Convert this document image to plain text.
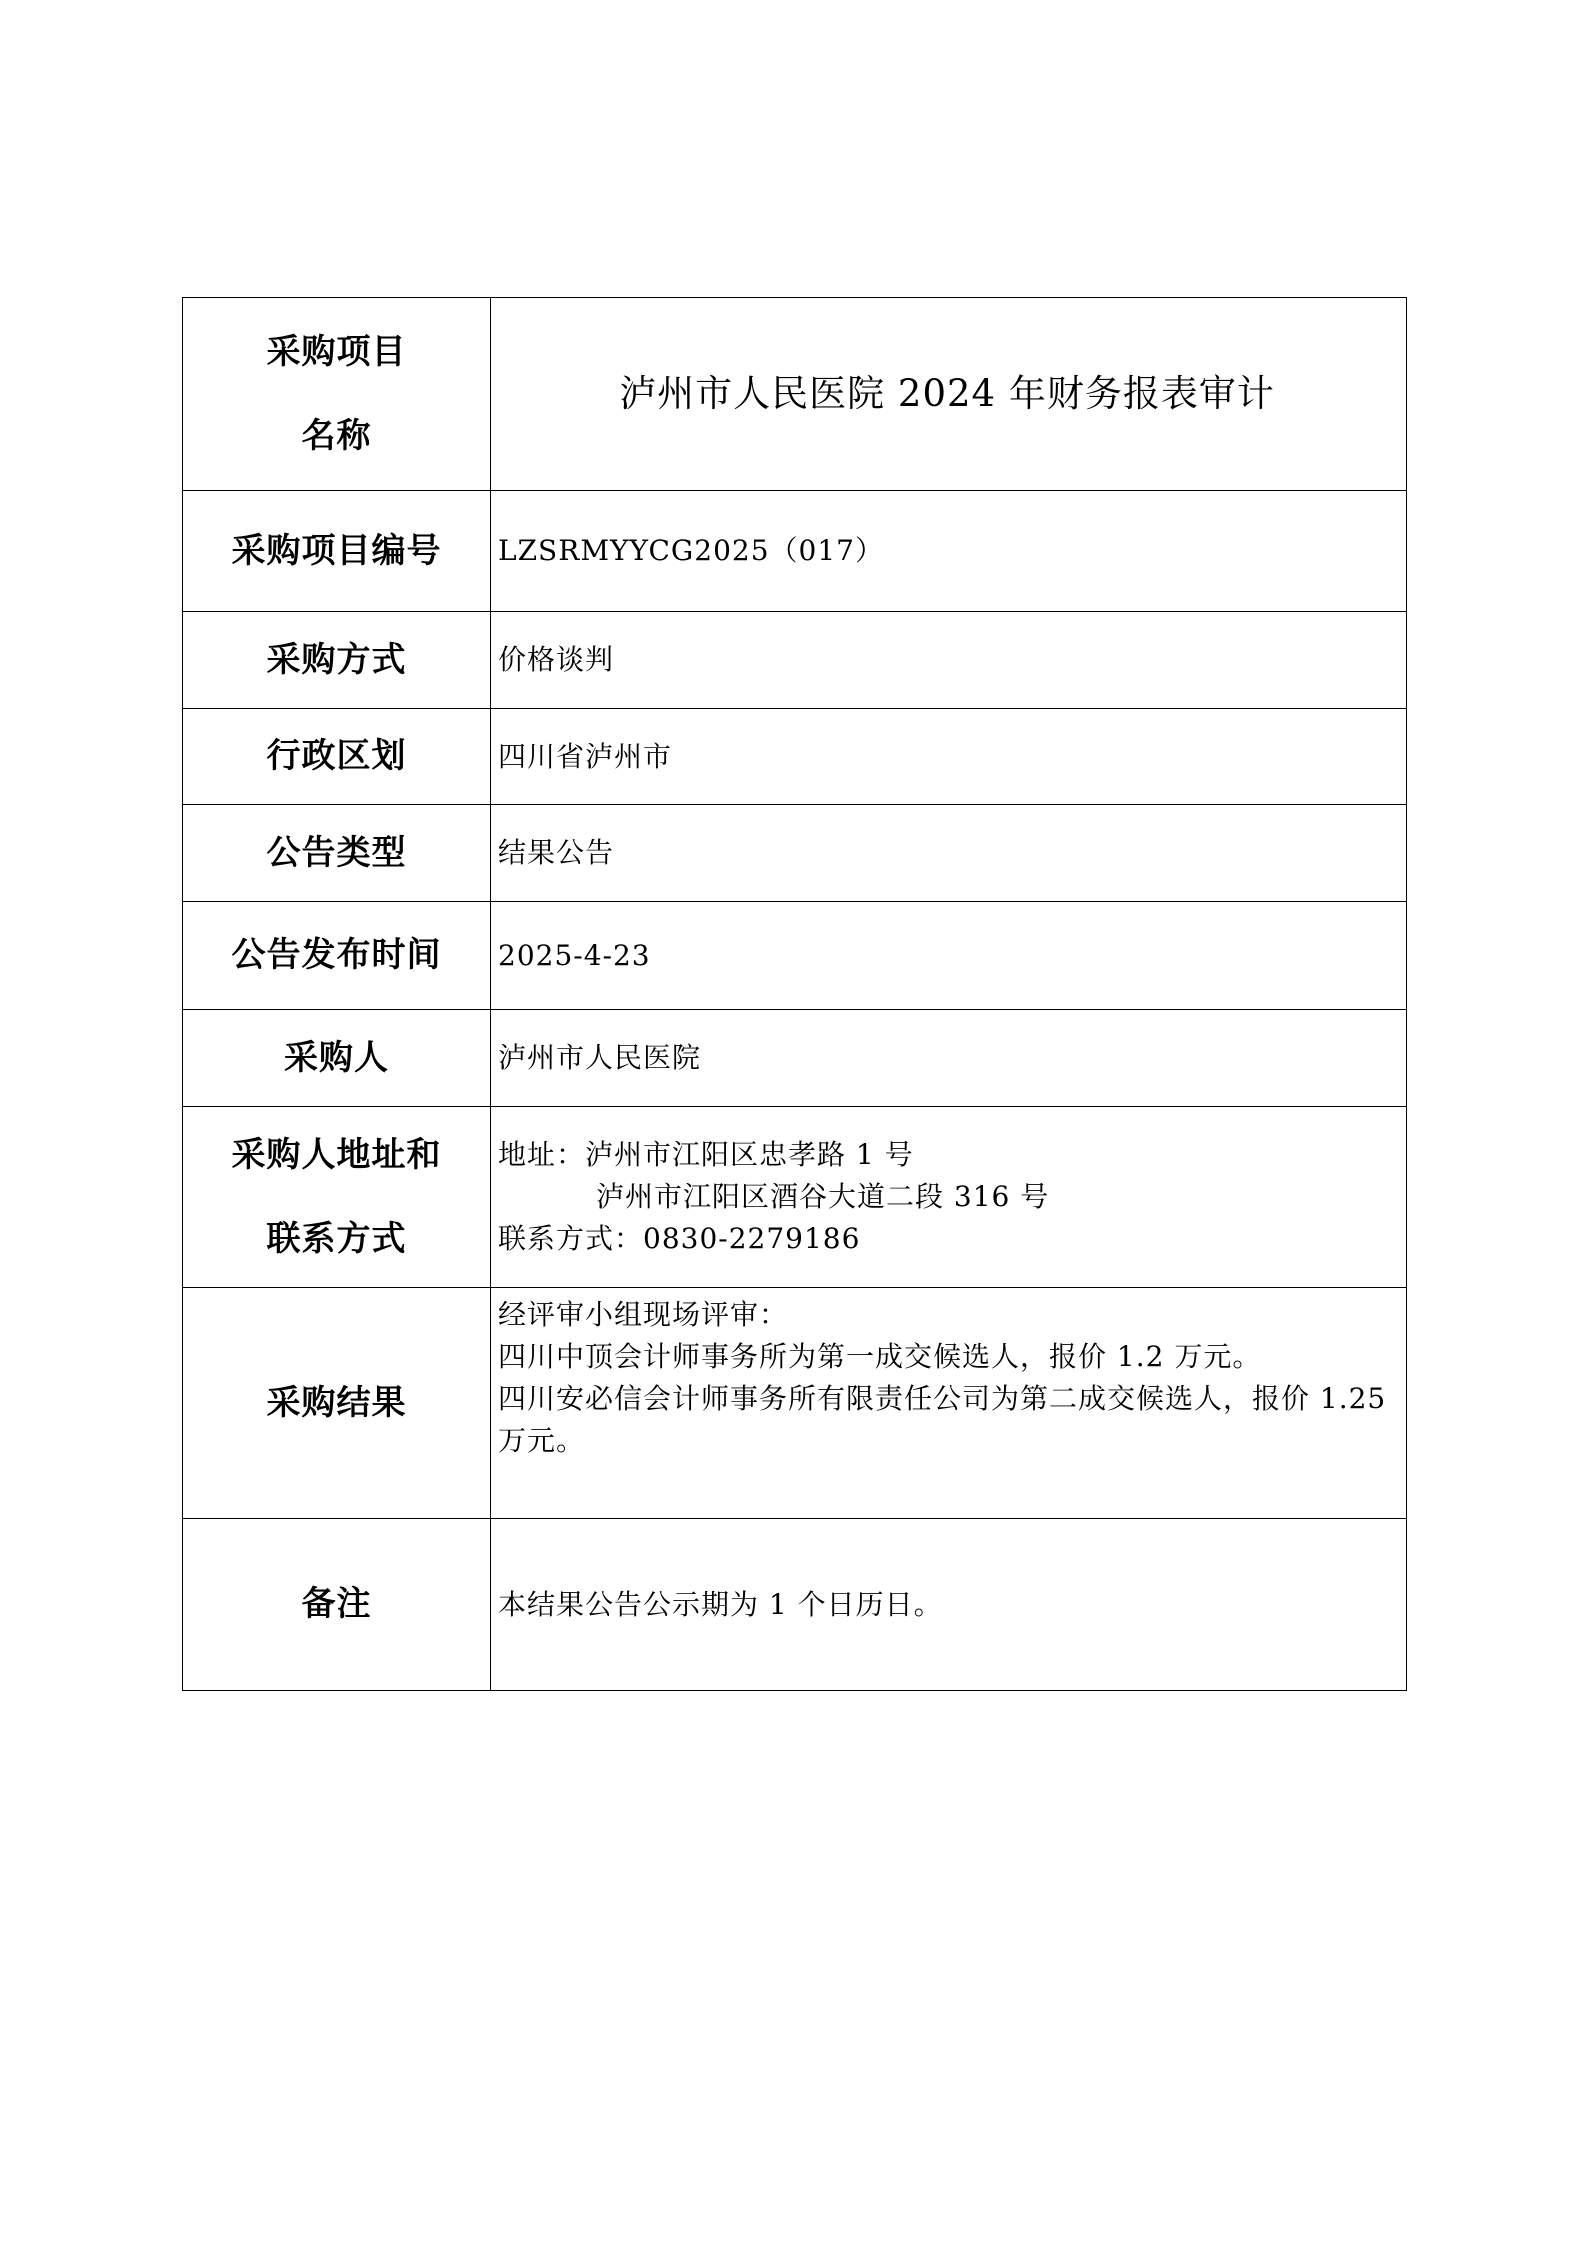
采购项目
名称	泸州市人民医院 2024 年财务报表审计
采购项目编号	LZSRMYYCG2025（017）
采购方式	价格谈判
行政区划	四川省泸州市
公告类型	结果公告
公告发布时间	2025-4-23
采购人	泸州市人民医院

采购人地址和
联系方式	地址：泸州市江阳区忠孝路 1 号
泸州市江阳区酒谷大道二段 316 号
联系方式：0830-2279186

采购结果	经评审小组现场评审：
四川中顶会计师事务所为第一成交候选人，报价 1.2 万元。
四川安必信会计师事务所有限责任公司为第二成交候选人，报价 1.25 万元。

备注	本结果公告公示期为 1 个日历日。
